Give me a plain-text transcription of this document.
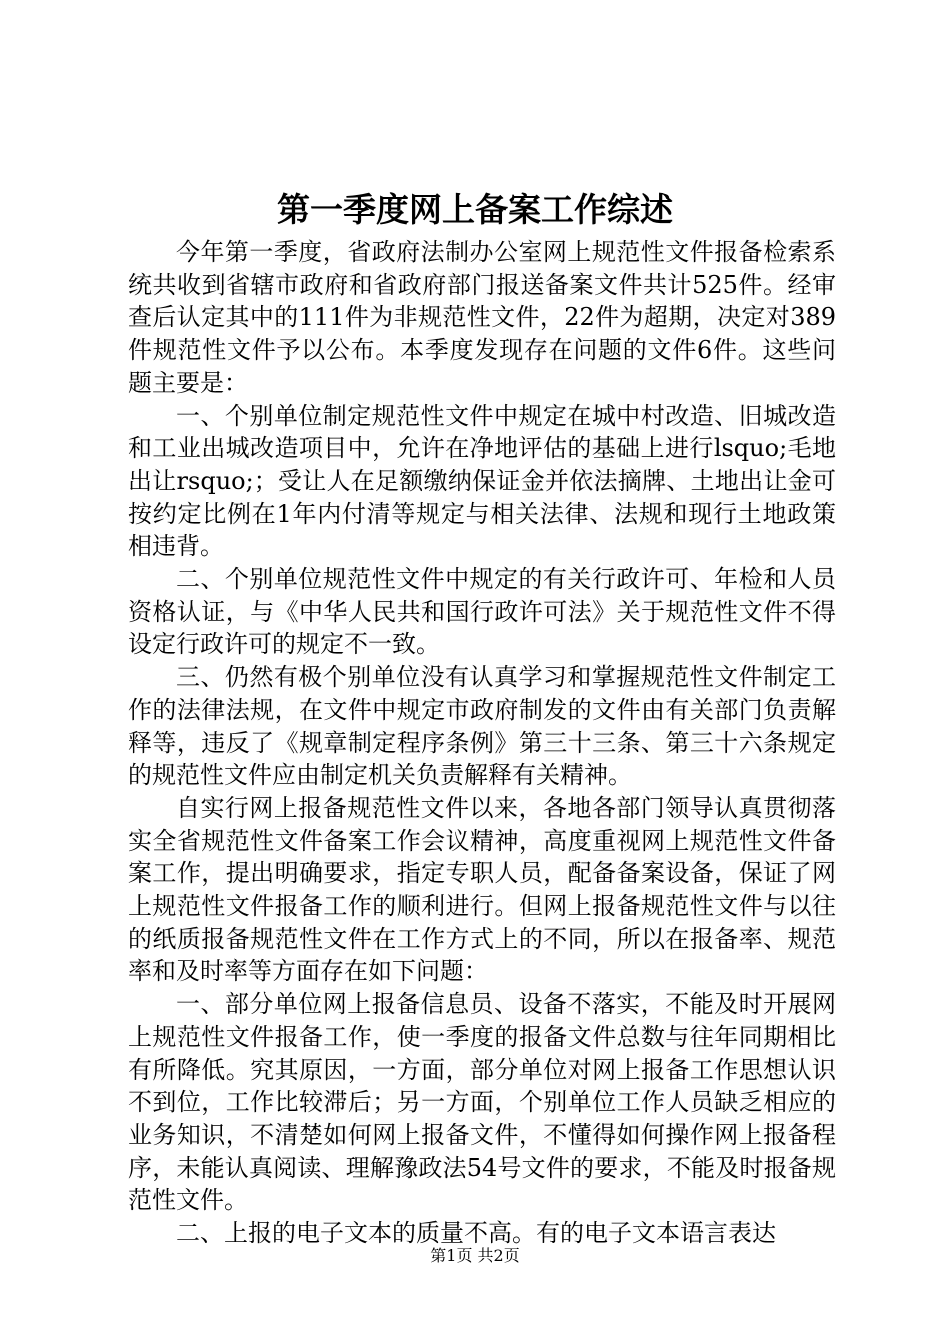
第一季度网上备案工作综述

今年第一季度，省政府法制办公室网上规范性文件报备检索系统共收到省辖市政府和省政府部门报送备案文件共计525件。经审查后认定其中的111件为非规范性文件，22件为超期，决定对389件规范性文件予以公布。本季度发现存在问题的文件6件。这些问题主要是：

一、个别单位制定规范性文件中规定在城中村改造、旧城改造和工业出城改造项目中，允许在净地评估的基础上进行lsquo;毛地出让rsquo;；受让人在足额缴纳保证金并依法摘牌、土地出让金可按约定比例在1年内付清等规定与相关法律、法规和现行土地政策相违背。

二、个别单位规范性文件中规定的有关行政许可、年检和人员资格认证，与《中华人民共和国行政许可法》关于规范性文件不得设定行政许可的规定不一致。

三、仍然有极个别单位没有认真学习和掌握规范性文件制定工作的法律法规，在文件中规定市政府制发的文件由有关部门负责解释等，违反了《规章制定程序条例》第三十三条、第三十六条规定的规范性文件应由制定机关负责解释有关精神。

自实行网上报备规范性文件以来，各地各部门领导认真贯彻落实全省规范性文件备案工作会议精神，高度重视网上规范性文件备案工作，提出明确要求，指定专职人员，配备备案设备，保证了网上规范性文件报备工作的顺利进行。但网上报备规范性文件与以往的纸质报备规范性文件在工作方式上的不同，所以在报备率、规范率和及时率等方面存在如下问题：

一、部分单位网上报备信息员、设备不落实，不能及时开展网上规范性文件报备工作，使一季度的报备文件总数与往年同期相比有所降低。究其原因，一方面，部分单位对网上报备工作思想认识不到位，工作比较滞后；另一方面，个别单位工作人员缺乏相应的业务知识，不清楚如何网上报备文件，不懂得如何操作网上报备程序，未能认真阅读、理解豫政法54号文件的要求，不能及时报备规范性文件。

二、上报的电子文本的质量不高。有的电子文本语言表达

第1页 共2页
